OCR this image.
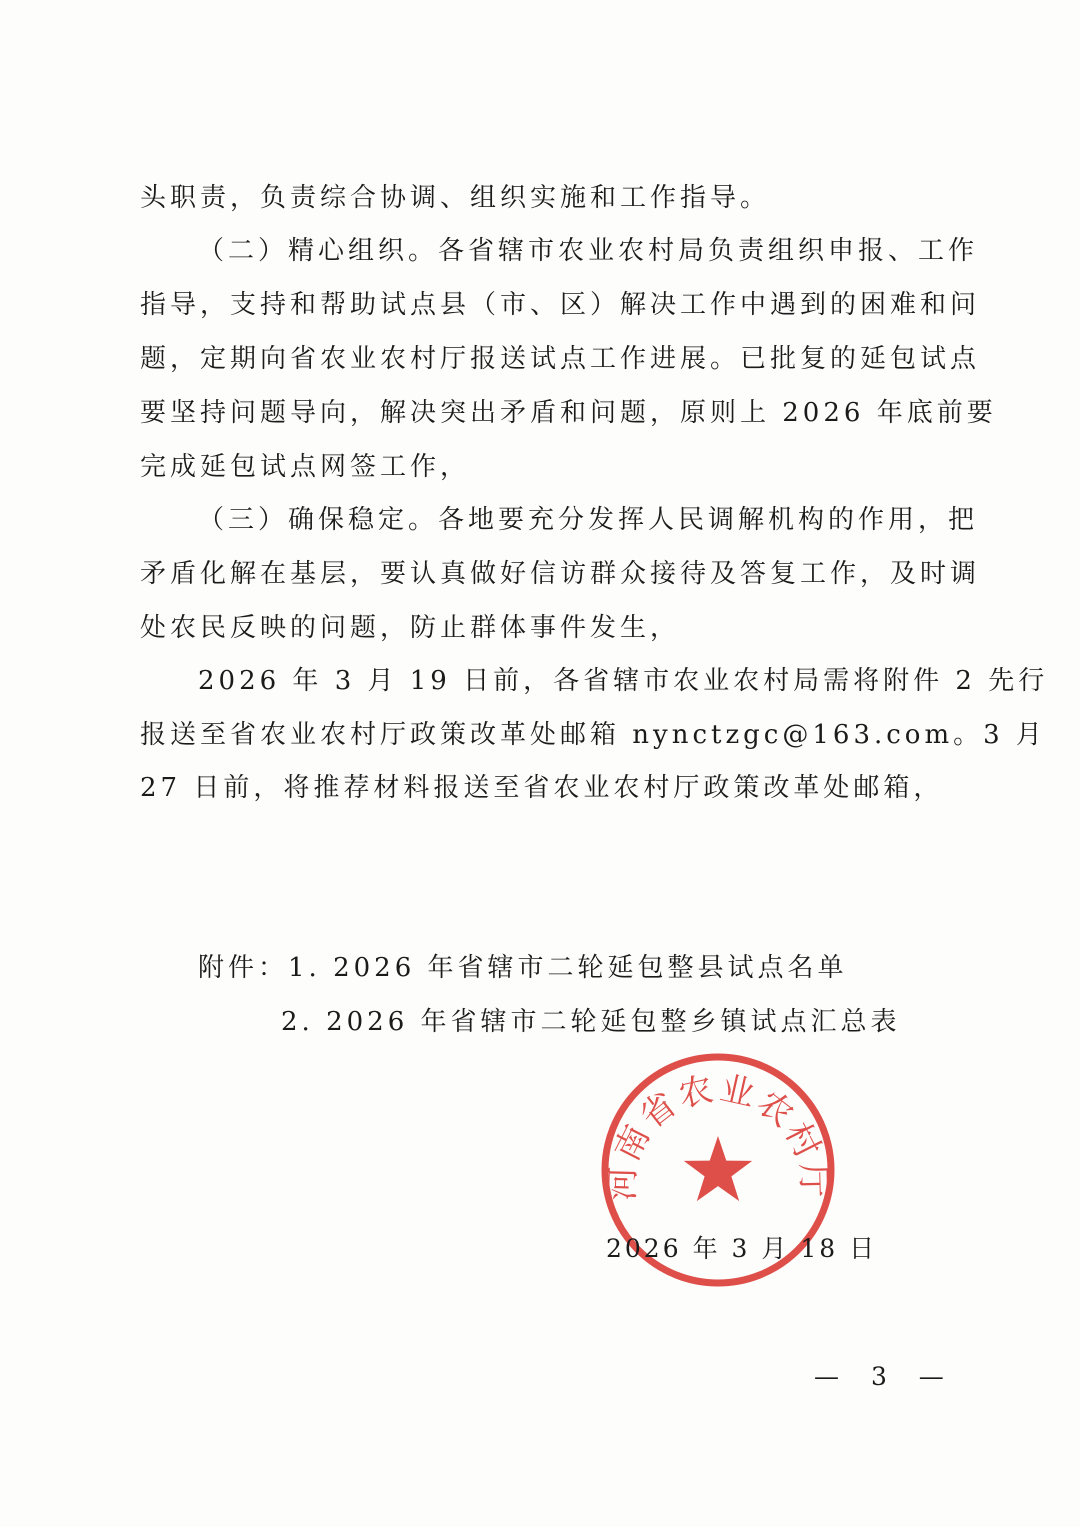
头职责，负责综合协调、组织实施和工作指导。
（二）精心组织。各省辖市农业农村局负责组织申报、工作
指导，支持和帮助试点县（市、区）解决工作中遇到的困难和问
题，定期向省农业农村厅报送试点工作进展。已批复的延包试点
要坚持问题导向，解决突出矛盾和问题，原则上 2026 年底前要
完成延包试点网签工作，
（三）确保稳定。各地要充分发挥人民调解机构的作用，把
矛盾化解在基层，要认真做好信访群众接待及答复工作，及时调
处农民反映的问题，防止群体事件发生，
2026 年 3 月 19 日前，各省辖市农业农村局需将附件 2 先行
报送至省农业农村厅政策改革处邮箱 nynctzgc@163.com。3 月
27 日前，将推荐材料报送至省农业农村厅政策改革处邮箱，
附件：1. 2026 年省辖市二轮延包整县试点名单
2. 2026 年省辖市二轮延包整乡镇试点汇总表
河南省农业农村厅
2026 年 3 月 18 日
— 3 —
